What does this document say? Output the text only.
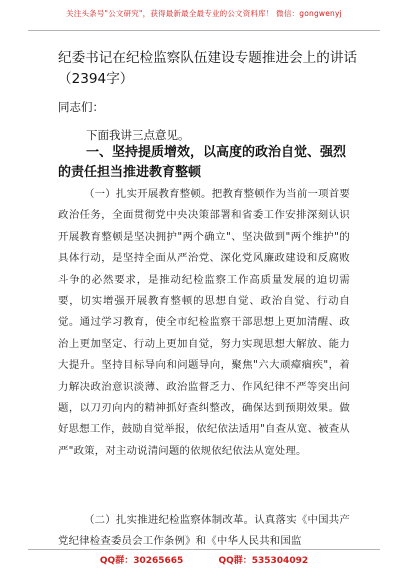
关注头条号"公文研究"，获得最新最全最专业的公文资料库！ 微信：gongwenyj
纪委书记在纪检监察队伍建设专题推进会上的讲话（2394字）
同志们：
下面我讲三点意见。
一、坚持提质增效，以高度的政治自觉、强烈的责任担当推进教育整顿
（一）扎实开展教育整顿。把教育整顿作为当前一项首要政治任务，全面贯彻党中央决策部署和省委工作安排深刻认识开展教育整顿是坚决拥护"两个确立"、坚决做到"两个维护"的具体行动，是坚持全面从严治党、深化党风廉政建设和反腐败斗争的必然要求，是推动纪检监察工作高质量发展的迫切需要，切实增强开展教育整顿的思想自觉、政治自觉、行动自觉。通过学习教育，使全市纪检监察干部思想上更加清醒、政治上更加坚定、行动上更加自觉，努力实现思想大解放、能力大提升。坚持目标导向和问题导向，聚焦"六大顽瘴痼疾"，着力解决政治意识淡薄、政治监督乏力、作风纪律不严等突出问题，以刀刃向内的精神抓好查纠整改，确保达到预期效果。做好思想工作，鼓励自觉举报，依纪依法适用"自查从宽、被查从严"政策，对主动说清问题的依规依纪依法从宽处理。
（二）扎实推进纪检监察体制改革。认真落实《中国共产党纪律检查委员会工作条例》和《中华人民共和国监
QQ群：30265665	QQ群：535304092
